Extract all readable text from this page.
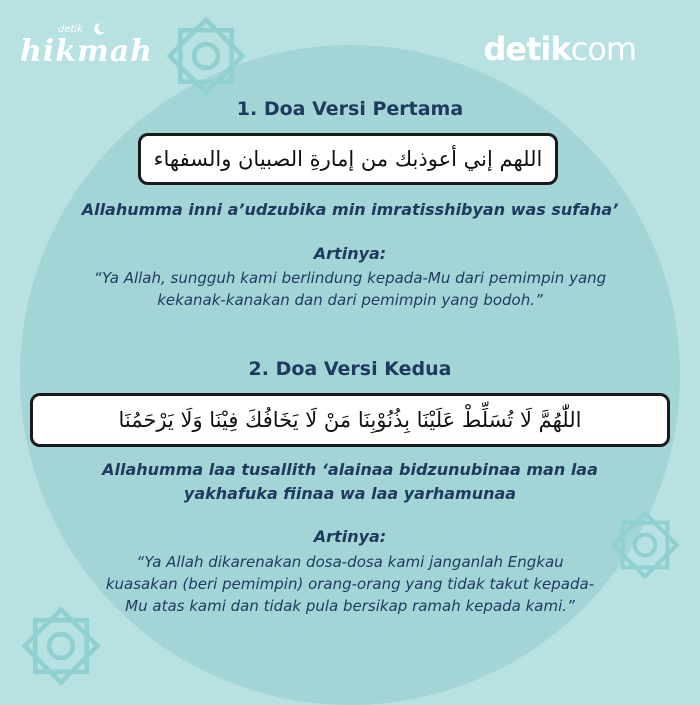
detik
hikmah	detikcom
1. Doa Versi Pertama
اللهم إني أعوذبك من إمارةِ الصبيان والسفهاء
Allahumma inni a’udzubika min imratisshibyan was sufaha’
Artinya:
“Ya Allah, sungguh kami berlindung kepada-Mu dari pemimpin yang
kekanak-kanakan dan dari pemimpin yang bodoh.”
2. Doa Versi Kedua
اللّٰهُمَّ لَا تُسَلِّطْ عَلَيْنَا بِذُنُوْبِنَا مَنْ لَا يَخَافُكَ فِيْنَا وَلَا يَرْحَمُنَا
Allahumma laa tusallith ‘alainaa bidzunubinaa man laa
yakhafuka fiinaa wa laa yarhamunaa
Artinya:
“Ya Allah dikarenakan dosa-dosa kami janganlah Engkau
kuasakan (beri pemimpin) orang-orang yang tidak takut kepada-
Mu atas kami dan tidak pula bersikap ramah kepada kami.”
